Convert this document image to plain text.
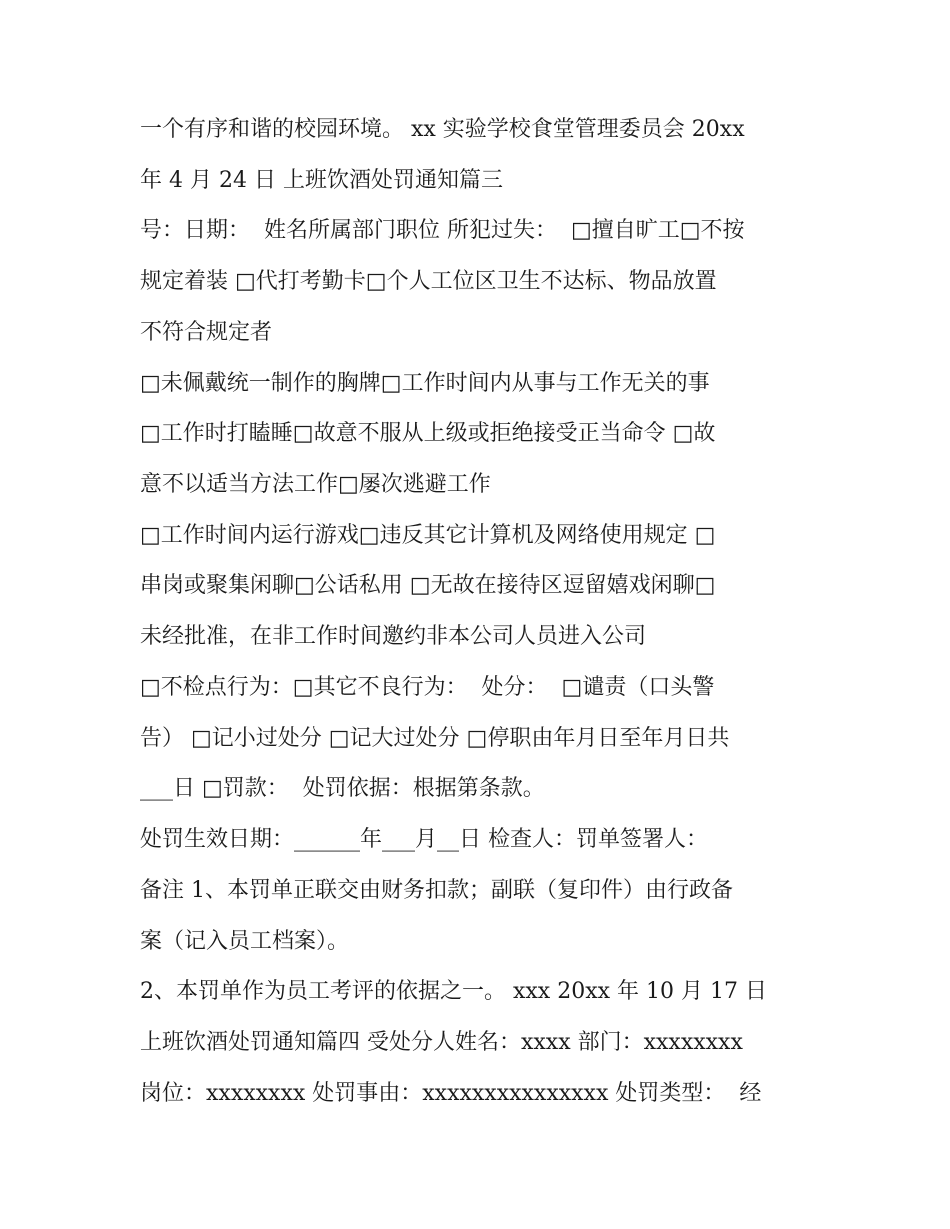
一个有序和谐的校园环境。 xx 实验学校食堂管理委员会 20xx
年 4 月 24 日 上班饮酒处罚通知篇三
号：日期：  姓名所属部门职位 所犯过失：  □擅自旷工□不按
规定着装 □代打考勤卡□个人工位区卫生不达标、物品放置
不符合规定者
□未佩戴统一制作的胸牌□工作时间内从事与工作无关的事
□工作时打瞌睡□故意不服从上级或拒绝接受正当命令 □故
意不以适当方法工作□屡次逃避工作
□工作时间内运行游戏□违反其它计算机及网络使用规定 □
串岗或聚集闲聊□公话私用 □无故在接待区逗留嬉戏闲聊□
未经批准，在非工作时间邀约非本公司人员进入公司
□不检点行为：□其它不良行为：  处分：  □谴责（口头警
告） □记小过处分 □记大过处分 □停职由年月日至年月日共
___日 □罚款：  处罚依据：根据第条款。
处罚生效日期：______年___月__日 检查人：罚单签署人：
备注 1、本罚单正联交由财务扣款；副联（复印件）由行政备
案（记入员工档案）。
2、本罚单作为员工考评的依据之一。 xxx 20xx 年 10 月 17 日
上班饮酒处罚通知篇四 受处分人姓名：xxxx 部门：xxxxxxxx
岗位：xxxxxxxx 处罚事由：xxxxxxxxxxxxxxx 处罚类型：  经
